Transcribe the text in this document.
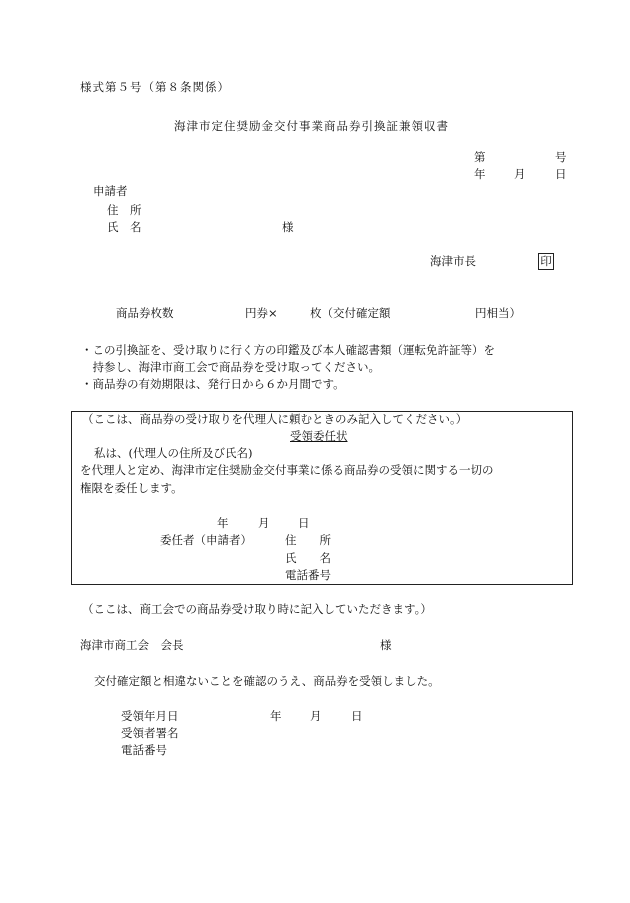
様式第５号（第８条関係）
海津市定住奨励金交付事業商品券引換証兼領収書
第	号
年 月	日
申請者
住　所
氏　名	様
海津市長	印
商品券枚数	円券×	枚（交付確定額	円相当）
・この引換証を、受け取りに行く方の印鑑及び本人確認書類（運転免許証等）を
　持参し、海津市商工会で商品券を受け取ってください。
・商品券の有効期限は、発行日から６か月間です。
（ここは、商品券の受け取りを代理人に頼むときのみ記入してください。）
受領委任状
私は、(代理人の住所及び氏名)
を代理人と定め、海津市定住奨励金交付事業に係る商品券の受領に関する一切の
権限を委任します。
年	月 日
委任者（申請者）	住　　所
氏　　名
電話番号
（ここは、商工会での商品券受け取り時に記入していただきます。）
海津市商工会　会長	様
交付確定額と相違ないことを確認のうえ、商品券を受領しました。
受領年月日	年 月	日
受領者署名
電話番号
